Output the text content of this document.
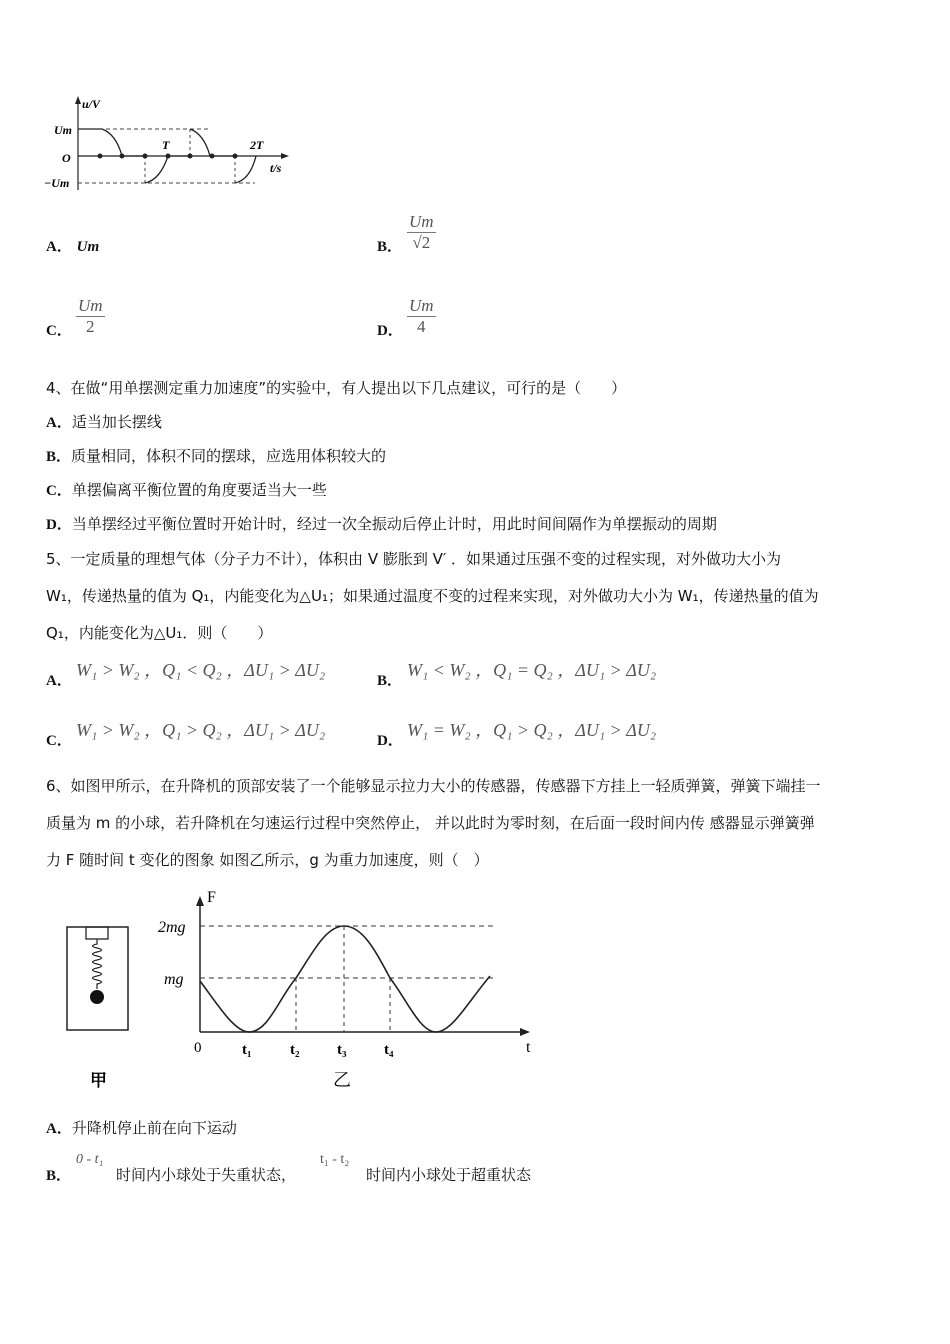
u/V
Um
O
−Um
T	2T
t/s
A． Um	B． $\frac{Um}{√2}$
C． $\frac{Um}{2}$	D． $\frac{Um}{4}$
4、在做“用单摆测定重力加速度”的实验中，有人提出以下几点建议，可行的是（　　）
A．适当加长摆线
B．质量相同，体积不同的摆球，应选用体积较大的
C．单摆偏离平衡位置的角度要适当大一些
D．当单摆经过平衡位置时开始计时，经过一次全振动后停止计时，用此时间间隔作为单摆振动的周期
5、一定质量的理想气体（分子力不计），体积由 V 膨胀到 V′ ．如果通过压强不变的过程实现，对外做功大小为
W₁，传递热量的值为 Q₁，内能变化为△U₁；如果通过温度不变的过程来实现，对外做功大小为 W₁，传递热量的值为
Q₁，内能变化为△U₁．则（　　）
A．
W₁ > W₂ ，Q₁ < Q₂ ，ΔU₁ > ΔU₂
B．
W₁ < W₂ ，Q₁ = Q₂ ，ΔU₁ > ΔU₂
C．
W₁ > W₂ ，Q₁ > Q₂ ，ΔU₁ > ΔU₂
D．
W₁ = W₂ ，Q₁ > Q₂ ，ΔU₁ > ΔU₂
6、如图甲所示，在升降机的顶部安装了一个能够显示拉力大小的传感器，传感器下方挂上一轻质弹簧，弹簧下端挂一
质量为 m 的小球，若升降机在匀速运行过程中突然停止， 并以此时为零时刻，在后面一段时间内传 感器显示弹簧弹
力 F 随时间 t 变化的图象 如图乙所示，g 为重力加速度，则（　）
甲
F
2mg
mg
0	t₁	t₂	t₃	t₄	t
乙
A．升降机停止前在向下运动
B．
0 - t₁
时间内小球处于失重状态，
t₁ - t₂
时间内小球处于超重状态
